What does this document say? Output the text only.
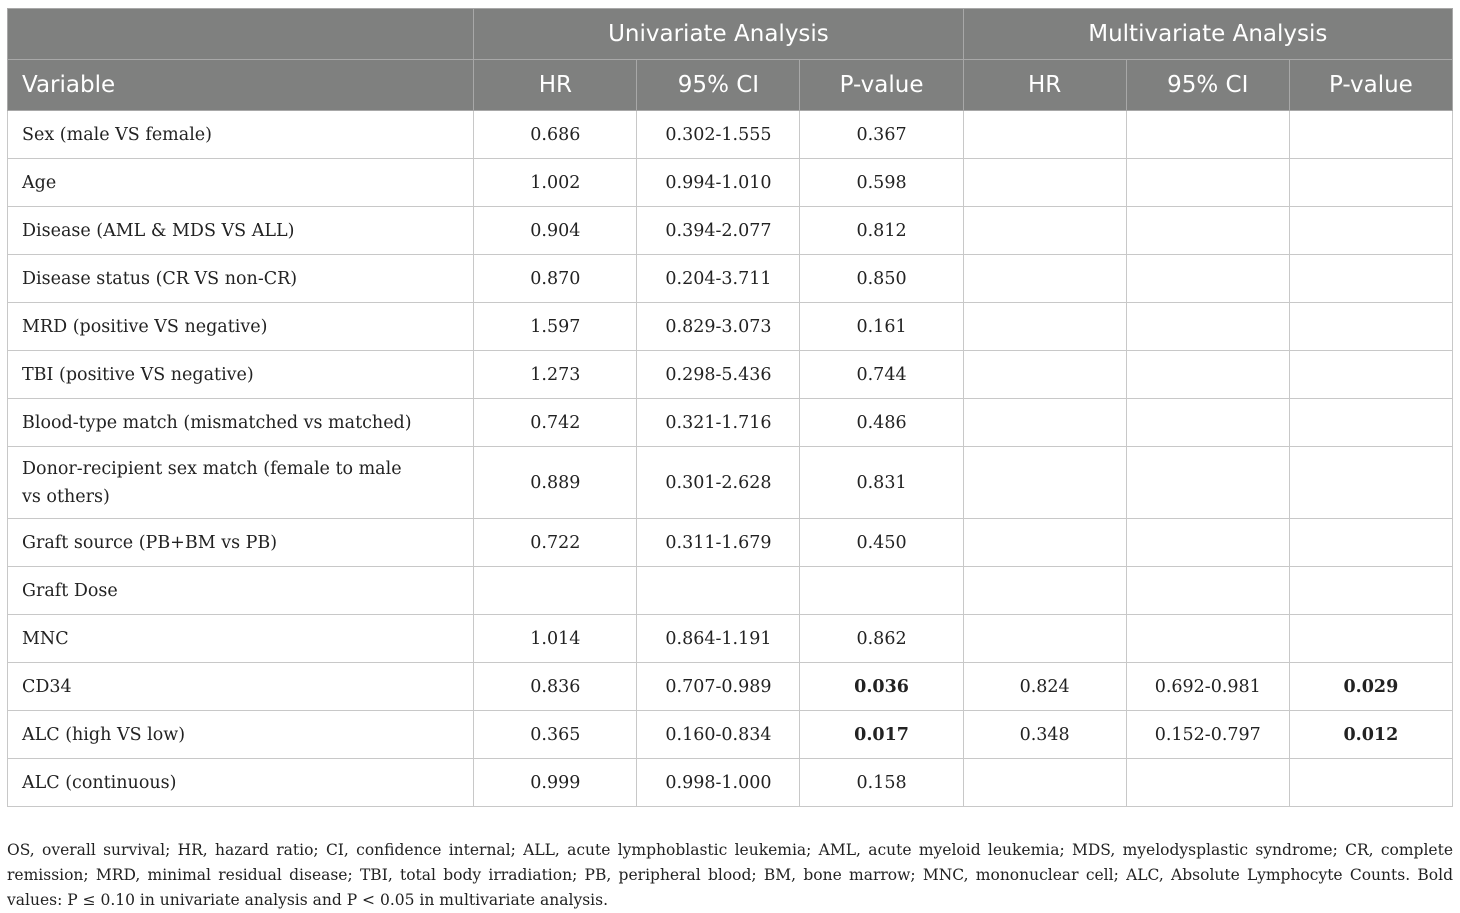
	Univariate Analysis			Multivariate Analysis		
Variable	HR	95% CI	P-value	HR	95% CI	P-value
Sex (male VS female)	0.686	0.302-1.555	0.367			
Age	1.002	0.994-1.010	0.598			
Disease (AML & MDS VS ALL)	0.904	0.394-2.077	0.812			
Disease status (CR VS non-CR)	0.870	0.204-3.711	0.850			
MRD (positive VS negative)	1.597	0.829-3.073	0.161			
TBI (positive VS negative)	1.273	0.298-5.436	0.744			
Blood-type match (mismatched vs matched)	0.742	0.321-1.716	0.486			
Donor-recipient sex match (female to male vs others)	0.889	0.301-2.628	0.831			
Graft source (PB+BM vs PB)	0.722	0.311-1.679	0.450			
Graft Dose						
MNC	1.014	0.864-1.191	0.862			
CD34	0.836	0.707-0.989	0.036	0.824	0.692-0.981	0.029
ALC (high VS low)	0.365	0.160-0.834	0.017	0.348	0.152-0.797	0.012
ALC (continuous)	0.999	0.998-1.000	0.158			

OS, overall survival; HR, hazard ratio; CI, confidence internal; ALL, acute lymphoblastic leukemia; AML, acute myeloid leukemia; MDS, myelodysplastic syndrome; CR, complete remission; MRD, minimal residual disease; TBI, total body irradiation; PB, peripheral blood; BM, bone marrow; MNC, mononuclear cell; ALC, Absolute Lymphocyte Counts. Bold values: P ≤ 0.10 in univariate analysis and P < 0.05 in multivariate analysis.
